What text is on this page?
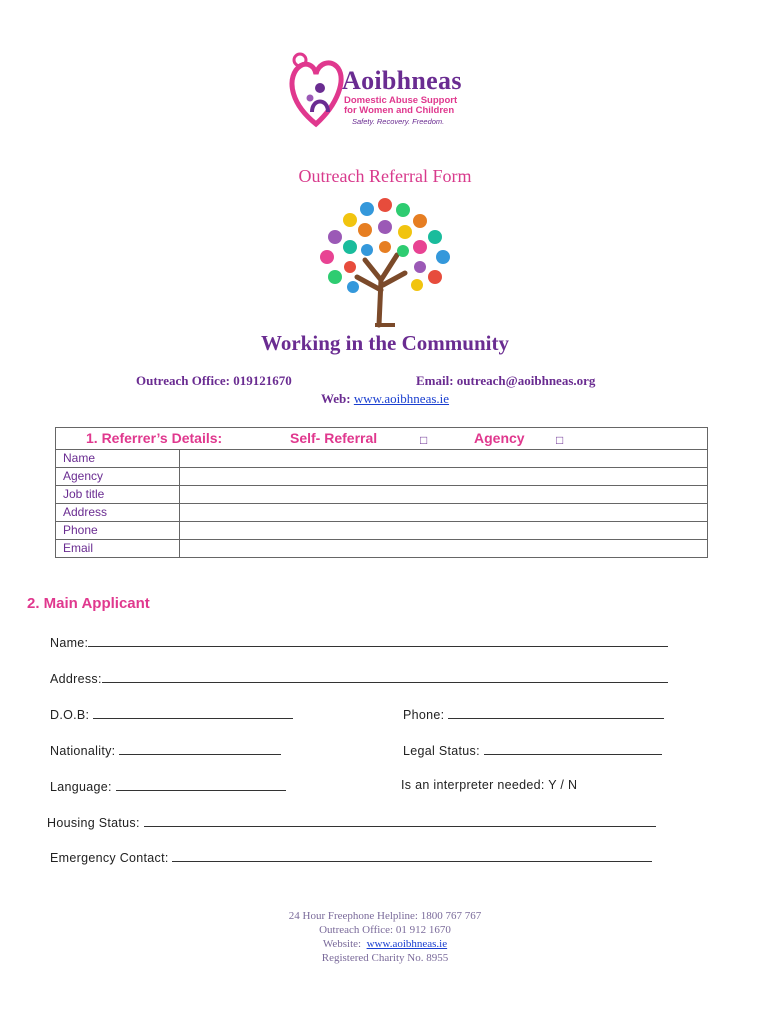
Aoibhneas
Domestic Abuse Support
for Women and Children
Safety. Recovery. Freedom.
Outreach Referral Form
Working in the Community
Outreach Office: 019121670	Email: outreach@aoibhneas.org
Web: www.aoibhneas.ie
1. Referrer’s Details: Self- Referral □ Agency □	

Name	
Agency	
Job title	
Address	
Phone	
Email	
2. Main Applicant
Name:
Address:
D.O.B:	Phone:
Nationality:	Legal Status:
Language:	Is an interpreter needed: Y / N
Housing Status:
Emergency Contact:
24 Hour Freephone Helpline: 1800 767 767
Outreach Office: 01 912 1670
Website: www.aoibhneas.ie
Registered Charity No. 8955
